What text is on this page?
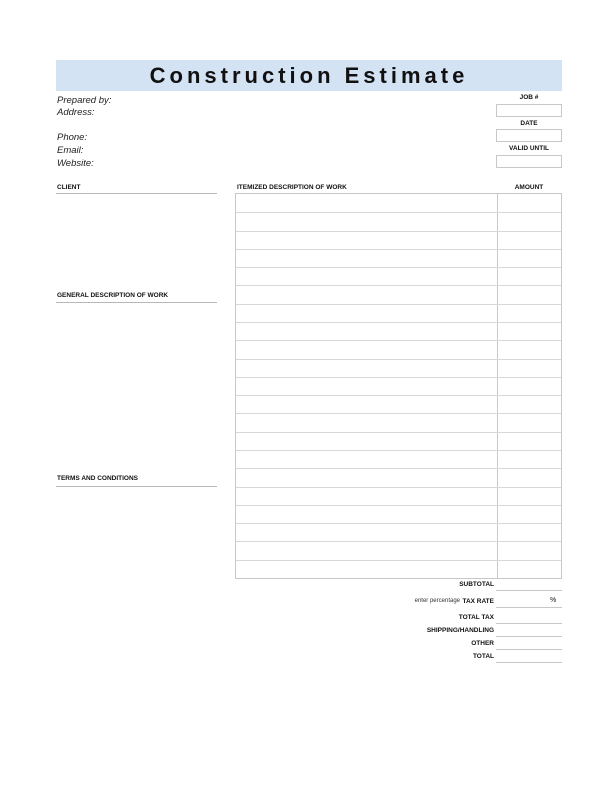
Construction Estimate
Prepared by:
Address:
Phone:
Email:
Website:
JOB #
DATE
VALID UNTIL
CLIENT
GENERAL DESCRIPTION OF WORK
TERMS AND CONDITIONS
ITEMIZED DESCRIPTION OF WORK	AMOUNT
SUBTOTAL
enter percentage TAX RATE	%
TOTAL TAX
SHIPPING/HANDLING
OTHER
TOTAL
